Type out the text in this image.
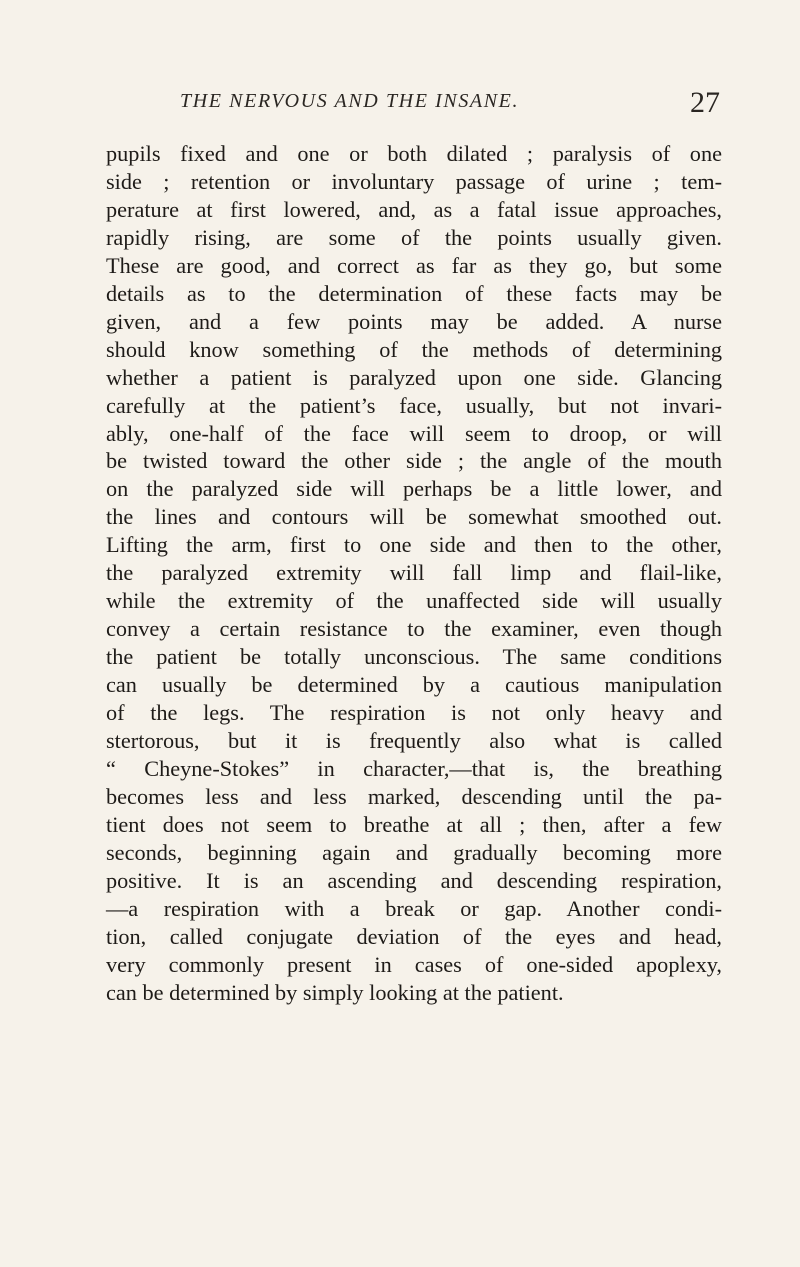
THE NERVOUS AND THE INSANE.	27
pupils fixed and one or both dilated ; paralysis of one
side ; retention or involuntary passage of urine ; tem-
perature at first lowered, and, as a fatal issue approaches,
rapidly rising, are some of the points usually given.
These are good, and correct as far as they go, but some
details as to the determination of these facts may be
given, and a few points may be added. A nurse
should know something of the methods of determining
whether a patient is paralyzed upon one side. Glancing
carefully at the patient’s face, usually, but not invari-
ably, one-half of the face will seem to droop, or will
be twisted toward the other side ; the angle of the mouth
on the paralyzed side will perhaps be a little lower, and
the lines and contours will be somewhat smoothed out.
Lifting the arm, first to one side and then to the other,
the paralyzed extremity will fall limp and flail-like,
while the extremity of the unaffected side will usually
convey a certain resistance to the examiner, even though
the patient be totally unconscious. The same conditions
can usually be determined by a cautious manipulation
of the legs. The respiration is not only heavy and
stertorous, but it is frequently also what is called
“ Cheyne-Stokes” in character,—that is, the breathing
becomes less and less marked, descending until the pa-
tient does not seem to breathe at all ; then, after a few
seconds, beginning again and gradually becoming more
positive. It is an ascending and descending respiration,
—a respiration with a break or gap. Another condi-
tion, called conjugate deviation of the eyes and head,
very commonly present in cases of one-sided apoplexy,
can be determined by simply looking at the patient.
